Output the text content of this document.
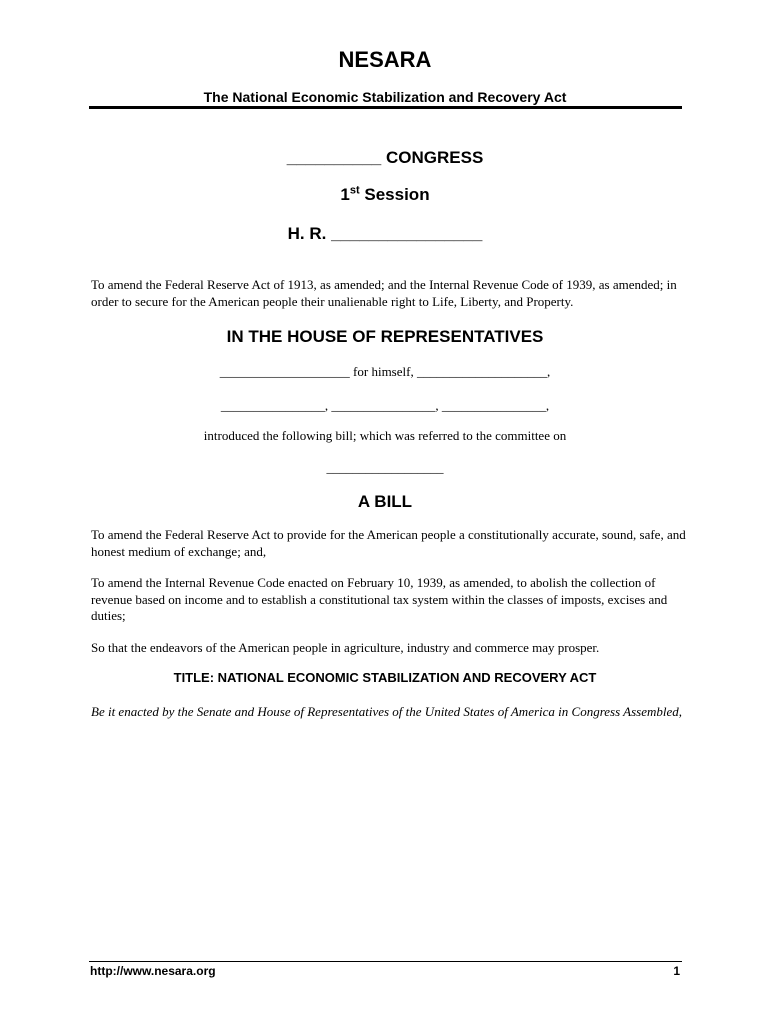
NESARA
The National Economic Stabilization and Recovery Act
__________ CONGRESS
1st Session
H. R. ________________
To amend the Federal Reserve Act of 1913, as amended; and the Internal Revenue Code of 1939, as amended; in order to secure for the American people their unalienable right to Life, Liberty, and Property.
IN THE HOUSE OF REPRESENTATIVES
____________________ for himself, ____________________,
________________, ________________, ________________,
introduced the following bill; which was referred to the committee on
__________________
A BILL
To amend the Federal Reserve Act to provide for the American people a constitutionally accurate, sound, safe, and honest medium of exchange; and,
To amend the Internal Revenue Code enacted on February 10, 1939, as amended, to abolish the collection of revenue based on income and to establish a constitutional tax system within the classes of imposts, excises and duties;
So that the endeavors of the American people in agriculture, industry and commerce may prosper.
TITLE: NATIONAL ECONOMIC STABILIZATION AND RECOVERY ACT
Be it enacted by the Senate and House of Representatives of the United States of America in Congress Assembled,
http://www.nesara.org	1
